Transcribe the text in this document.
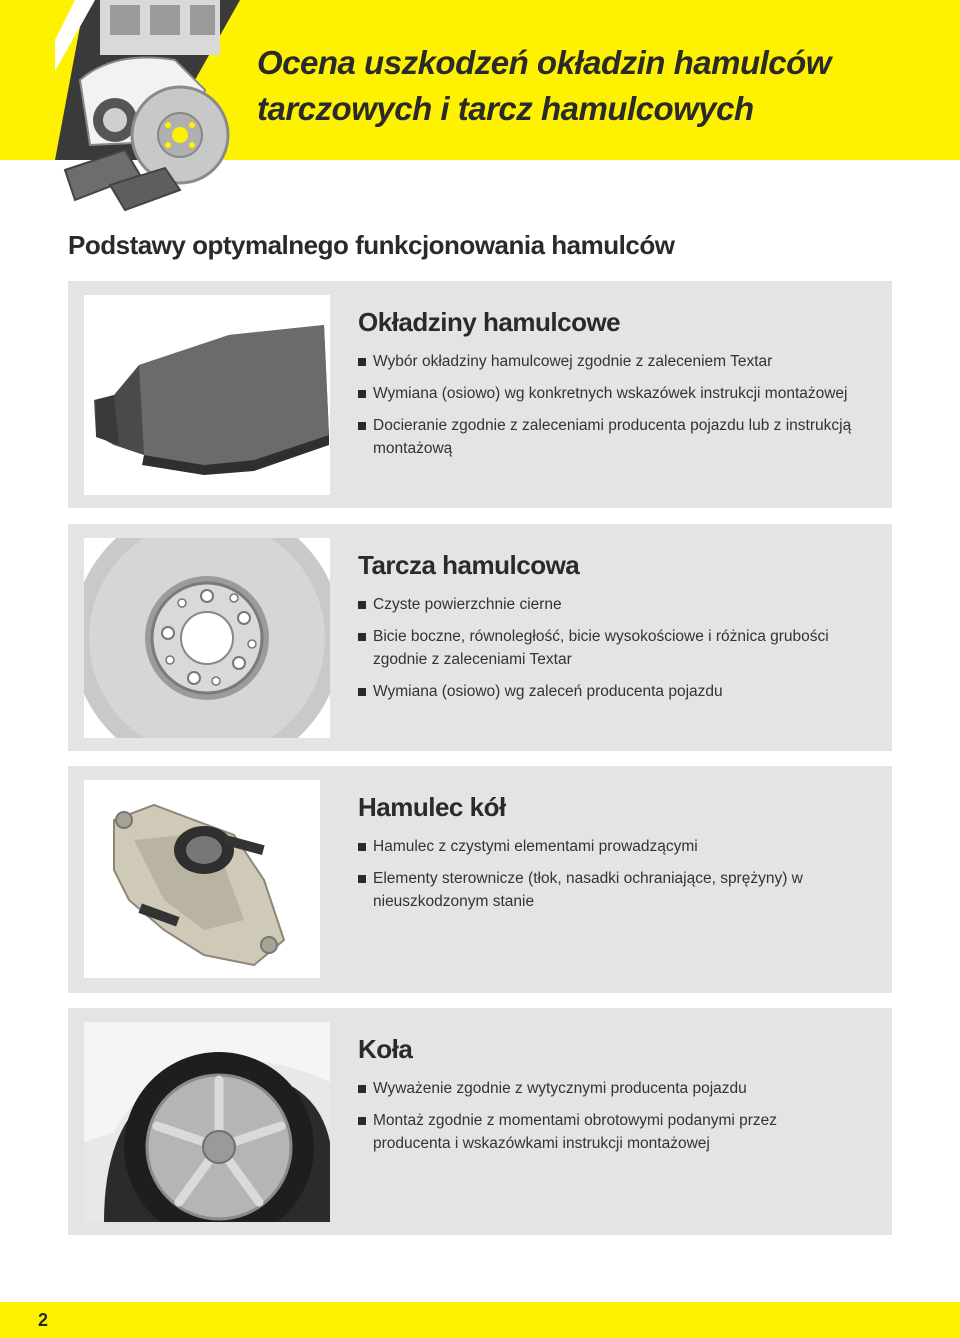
Ocena uszkodzeń okładzin hamulców
tarczowych i tarcz hamulcowych
Podstawy optymalnego funkcjonowania hamulców
Okładziny hamulcowe
Wybór okładziny hamulcowej zgodnie z zaleceniem Textar
Wymiana (osiowo) wg konkretnych wskazówek instrukcji montażowej
Docieranie zgodnie z zaleceniami producenta pojazdu lub z instrukcją montażową
Tarcza hamulcowa
Czyste powierzchnie cierne
Bicie boczne, równoległość, bicie wysokościowe i różnica grubości zgodnie z zaleceniami Textar
Wymiana (osiowo) wg zaleceń producenta pojazdu
Hamulec kół
Hamulec z czystymi elementami prowadzącymi
Elementy sterownicze (tłok, nasadki ochraniające, sprężyny) w nieuszkodzonym stanie
Koła
Wyważenie zgodnie z wytycznymi producenta pojazdu
Montaż zgodnie z momentami obrotowymi podanymi przez producenta i wskazówkami instrukcji montażowej

2
